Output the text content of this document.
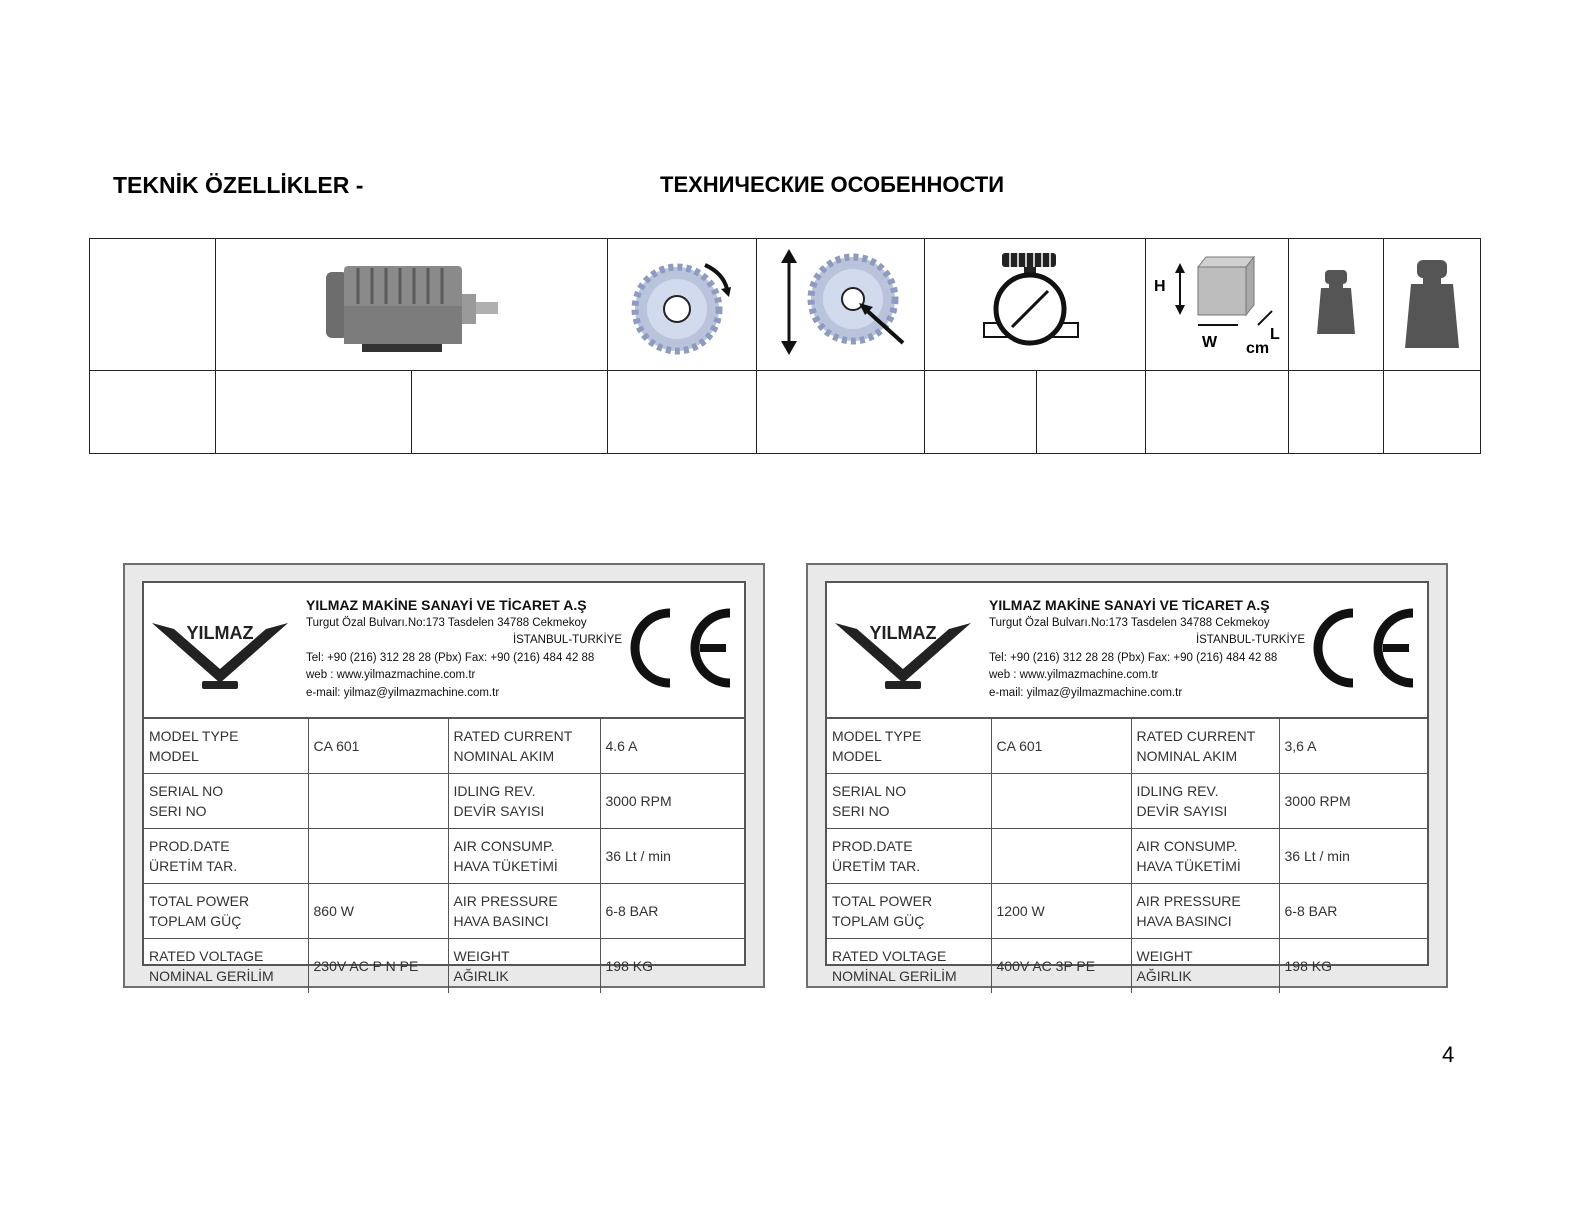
TEKNİK ÖZELLİKLER -	ТЕХНИЧЕСКИЕ ОСОБЕННОСТИ

H
L
W cm

YILMAZ
YILMAZ MAKİNE SANAYİ VE TİCARET A.Ş
Turgut Özal Bulvarı.No:173 Tasdelen 34788 Cekmekoy
İSTANBUL-TURKİYE
Tel: +90 (216) 312 28 28 (Pbx) Fax: +90 (216) 484 42 88
web : www.yilmazmachine.com.tr
e-mail: yilmaz@yilmazmachine.com.tr
MODEL TYPE
MODEL	CA 601	RATED CURRENT
NOMINAL AKIM	4.6 A

SERIAL NO
SERI NO		IDLING REV.
DEVİR SAYISI	3000 RPM

PROD.DATE
ÜRETİM TAR.		AIR CONSUMP.
HAVA TÜKETİMİ	36 Lt / min

TOTAL POWER
TOPLAM GÜÇ	860 W	AIR PRESSURE
HAVA BASINCI	6-8 BAR

RATED VOLTAGE
NOMİNAL GERİLİM	230V AC P N PE	WEIGHT
AĞIRLIK	198 KG
YILMAZ
YILMAZ MAKİNE SANAYİ VE TİCARET A.Ş
Turgut Özal Bulvarı.No:173 Tasdelen 34788 Cekmekoy
İSTANBUL-TURKİYE
Tel: +90 (216) 312 28 28 (Pbx) Fax: +90 (216) 484 42 88
web : www.yilmazmachine.com.tr
e-mail: yilmaz@yilmazmachine.com.tr
MODEL TYPE
MODEL	CA 601	RATED CURRENT
NOMINAL AKIM	3,6 A

SERIAL NO
SERI NO		IDLING REV.
DEVİR SAYISI	3000 RPM

PROD.DATE
ÜRETİM TAR.		AIR CONSUMP.
HAVA TÜKETİMİ	36 Lt / min

TOTAL POWER
TOPLAM GÜÇ	1200 W	AIR PRESSURE
HAVA BASINCI	6-8 BAR

RATED VOLTAGE
NOMİNAL GERİLİM	400V AC 3P PE	WEIGHT
AĞIRLIK	198 KG
4
